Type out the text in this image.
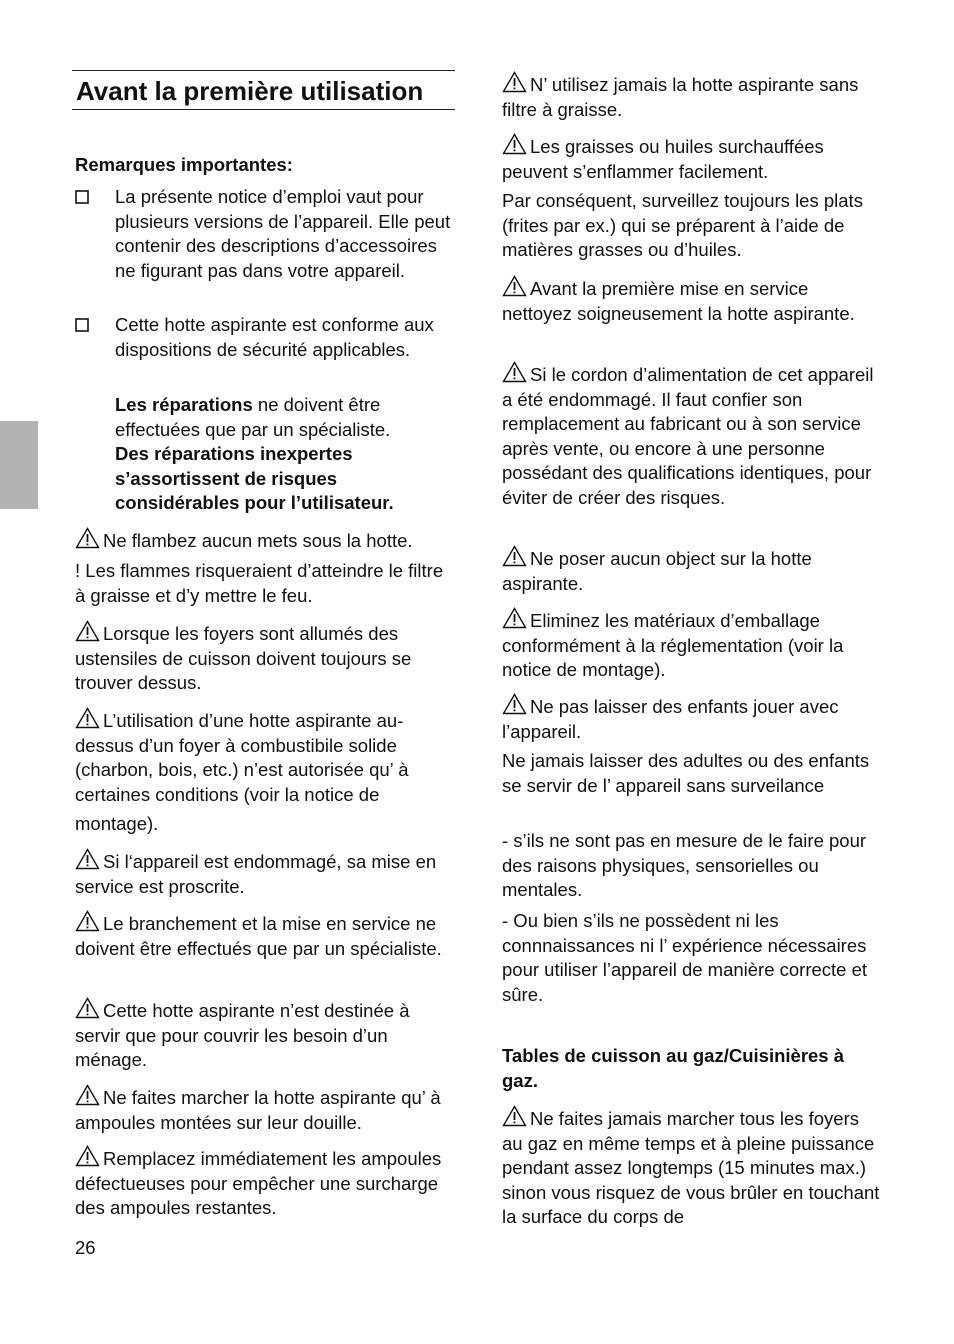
Avant la première utilisation

Remarques importantes:

La présente notice d’emploi vaut pour plusieurs versions de l’appareil. Elle peut contenir des descriptions d’accessoires ne figurant pas dans votre appareil.

Cette hotte aspirante est conforme aux dispositions de sécurité applicables.

Les réparations ne doivent être effectuées que par un spécialiste.
Des réparations inexpertes s’assortissent de risques considérables pour l’utilisateur.

Ne flambez aucun mets sous la hotte.

! Les flammes risqueraient d’atteindre le filtre à graisse et d’y mettre le feu.

Lorsque les foyers sont allumés des ustensiles de cuisson doivent toujours se trouver dessus.

L’utilisation d’une hotte aspirante au-dessus d’un foyer à combustibile solide (charbon, bois, etc.) n’est autorisée qu’ à certaines conditions (voir la notice de

montage).

Si l‘appareil est endommagé, sa mise en service est proscrite.

Le branchement et la mise en service ne doivent être effectués que par un spécialiste.

Cette hotte aspirante n’est destinée à servir que pour couvrir les besoin d’un ménage.

Ne faites marcher la hotte aspirante qu’ à ampoules montées sur leur douille.

Remplacez immédiatement les ampoules défectueuses pour empêcher une surcharge des ampoules restantes.

N’ utilisez jamais la hotte aspirante sans filtre à graisse.

Les graisses ou huiles surchauffées peuvent s’enflammer facilement.

Par conséquent, surveillez toujours les plats (frites par ex.) qui se préparent à l’aide de matières grasses ou d’huiles.

Avant la première mise en service nettoyez soigneusement la hotte aspirante.

Si le cordon d’alimentation de cet appareil a été endommagé. Il faut confier son remplacement au fabricant ou à son service après vente, ou encore à une personne possédant des qualifications identiques, pour éviter de créer des risques.

Ne poser aucun object sur la hotte aspirante.

Eliminez les matériaux d’emballage conformément à la réglementation (voir la notice de montage).

Ne pas laisser des enfants jouer avec l’appareil.

Ne jamais laisser des adultes ou des enfants se servir de l’ appareil sans surveilance

- s’ils ne sont pas en mesure de le faire pour des raisons physiques, sensorielles ou mentales.

- Ou bien s’ils ne possèdent ni les connnaissances ni l’ expérience nécessaires pour utiliser l’appareil de manière correcte et sûre.

Tables de cuisson au gaz/Cuisinières à gaz.

Ne faites jamais marcher tous les foyers au gaz en même temps et à pleine puissance pendant assez longtemps (15 minutes max.) sinon vous risquez de vous brûler en touchant la surface du corps de

26
